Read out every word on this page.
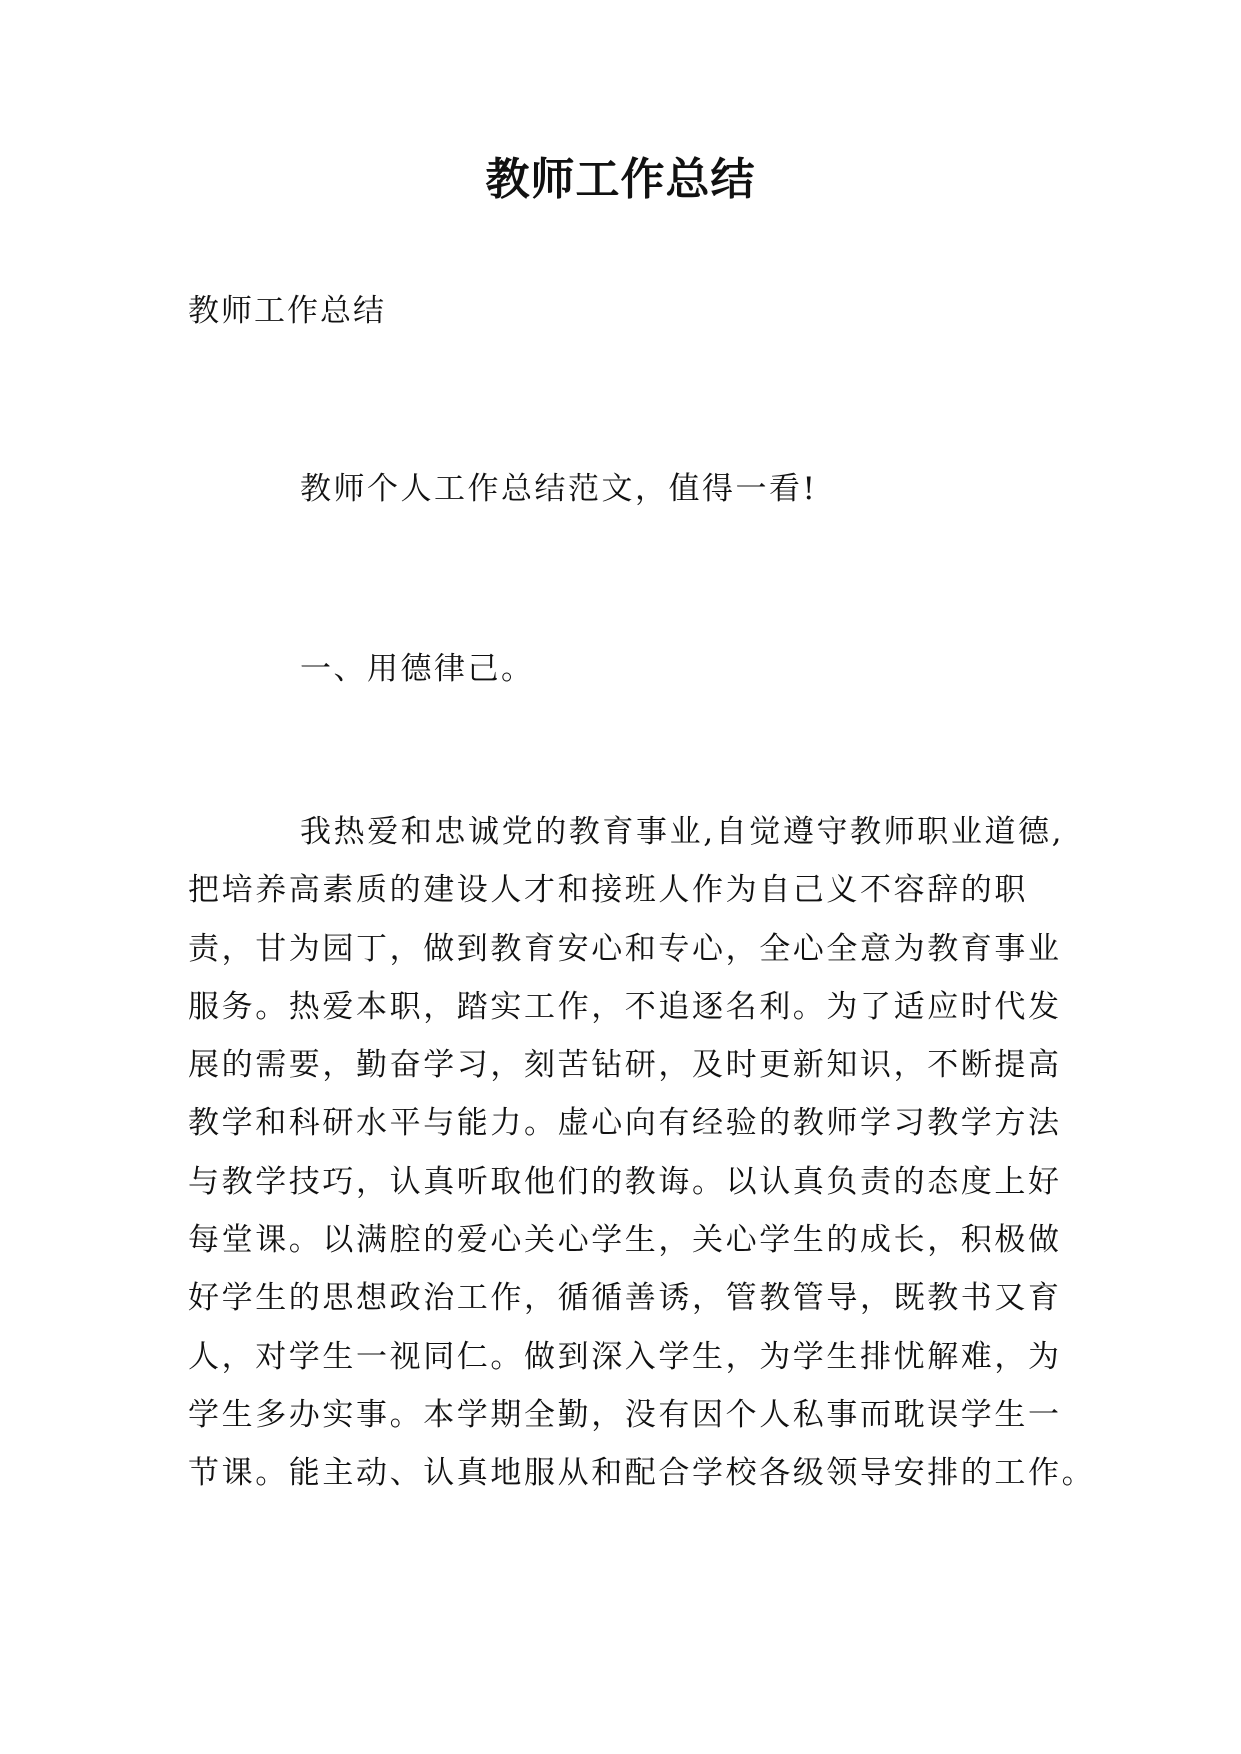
教师工作总结
教师工作总结
教师个人工作总结范文，值得一看!
一、用德律己。
我热爱和忠诚党的教育事业,自觉遵守教师职业道德,
把培养高素质的建设人才和接班人作为自己义不容辞的职
责，甘为园丁，做到教育安心和专心，全心全意为教育事业
服务。热爱本职，踏实工作，不追逐名利。为了适应时代发
展的需要，勤奋学习，刻苦钻研，及时更新知识，不断提高
教学和科研水平与能力。虚心向有经验的教师学习教学方法
与教学技巧，认真听取他们的教诲。以认真负责的态度上好
每堂课。以满腔的爱心关心学生，关心学生的成长，积极做
好学生的思想政治工作，循循善诱，管教管导，既教书又育
人，对学生一视同仁。做到深入学生，为学生排忧解难，为
学生多办实事。本学期全勤，没有因个人私事而耽误学生一
节课。能主动、认真地服从和配合学校各级领导安排的工作。
